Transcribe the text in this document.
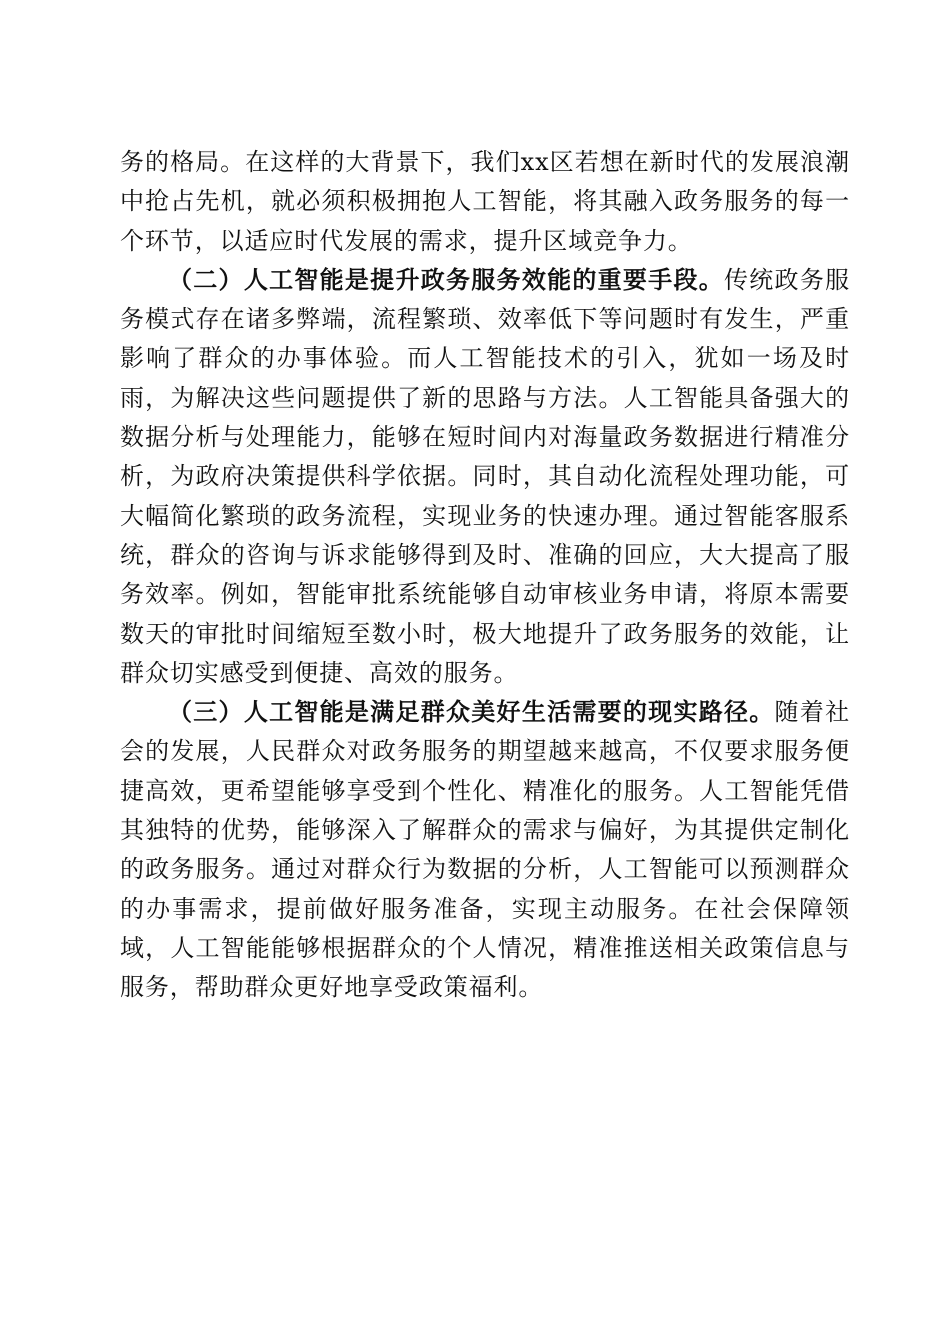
务的格局。在这样的大背景下，我们xx区若想在新时代的发展浪潮中抢占先机，就必须积极拥抱人工智能，将其融入政务服务的每一个环节，以适应时代发展的需求，提升区域竞争力。

（二）人工智能是提升政务服务效能的重要手段。传统政务服务模式存在诸多弊端，流程繁琐、效率低下等问题时有发生，严重影响了群众的办事体验。而人工智能技术的引入，犹如一场及时雨，为解决这些问题提供了新的思路与方法。人工智能具备强大的数据分析与处理能力，能够在短时间内对海量政务数据进行精准分析，为政府决策提供科学依据。同时，其自动化流程处理功能，可大幅简化繁琐的政务流程，实现业务的快速办理。通过智能客服系统，群众的咨询与诉求能够得到及时、准确的回应，大大提高了服务效率。例如，智能审批系统能够自动审核业务申请，将原本需要数天的审批时间缩短至数小时，极大地提升了政务服务的效能，让群众切实感受到便捷、高效的服务。

（三）人工智能是满足群众美好生活需要的现实路径。随着社会的发展，人民群众对政务服务的期望越来越高，不仅要求服务便捷高效，更希望能够享受到个性化、精准化的服务。人工智能凭借其独特的优势，能够深入了解群众的需求与偏好，为其提供定制化的政务服务。通过对群众行为数据的分析，人工智能可以预测群众的办事需求，提前做好服务准备，实现主动服务。在社会保障领域，人工智能能够根据群众的个人情况，精准推送相关政策信息与服务，帮助群众更好地享受政策福利。
